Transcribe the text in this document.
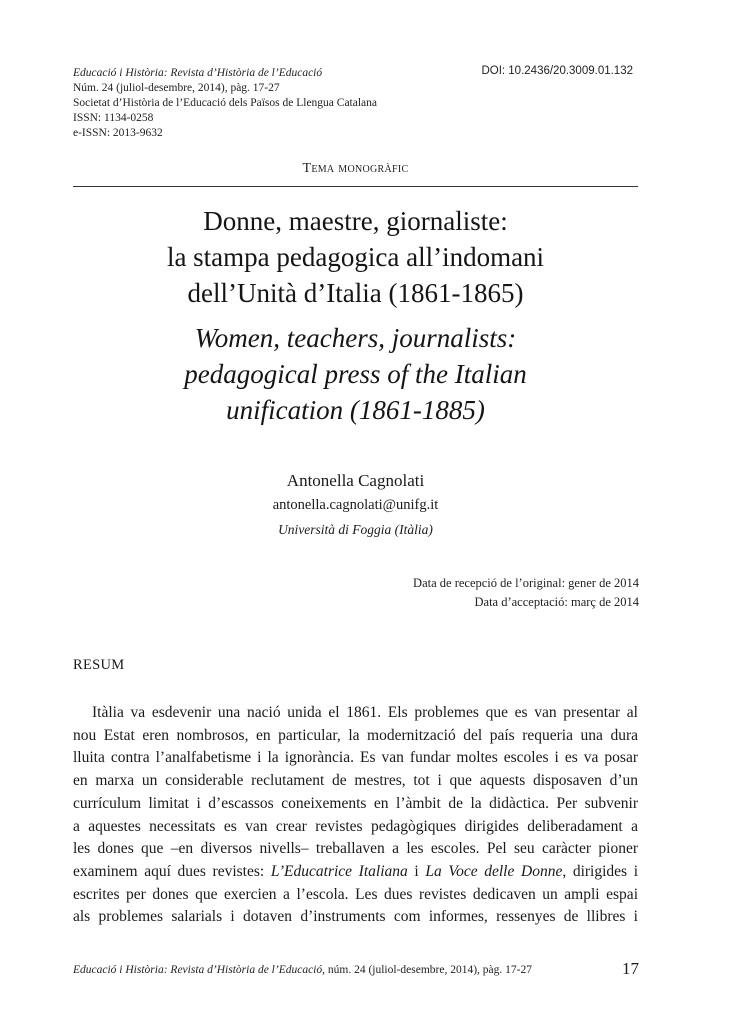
Educació i Història: Revista d’Història de l’Educació
Núm. 24 (juliol-desembre, 2014), pàg. 17-27
Societat d’Història de l’Educació dels Països de Llengua Catalana
ISSN: 1134-0258
e-ISSN: 2013-9632
DOI: 10.2436/20.3009.01.132
Tema monogràfic
Donne, maestre, giornaliste:
la stampa pedagogica all’indomani
dell’Unità d’Italia (1861-1865)
Women, teachers, journalists:
pedagogical press of the Italian
unification (1861-1885)
Antonella Cagnolati
antonella.cagnolati@unifg.it
Università di Foggia (Itàlia)
Data de recepció de l’original: gener de 2014
Data d’acceptació: març de 2014
RESUM
Itàlia va esdevenir una nació unida el 1861. Els problemes que es van presentar al
nou Estat eren nombrosos, en particular, la modernització del país requeria una dura
lluita contra l’analfabetisme i la ignorància. Es van fundar moltes escoles i es va posar
en marxa un considerable reclutament de mestres, tot i que aquests disposaven d’un
currículum limitat i d’escassos coneixements en l’àmbit de la didàctica. Per subvenir
a aquestes necessitats es van crear revistes pedagògiques dirigides deliberadament a
les dones que –en diversos nivells– treballaven a les escoles. Pel seu caràcter pioner
examinem aquí dues revistes: L’Educatrice Italiana i La Voce delle Donne, dirigides i
escrites per dones que exercien a l’escola. Les dues revistes dedicaven un ampli espai
als problemes salarials i dotaven d’instruments com informes, ressenyes de llibres i
Educació i Història: Revista d’Història de l’Educació, núm. 24 (juliol-desembre, 2014), pàg. 17-27	17
